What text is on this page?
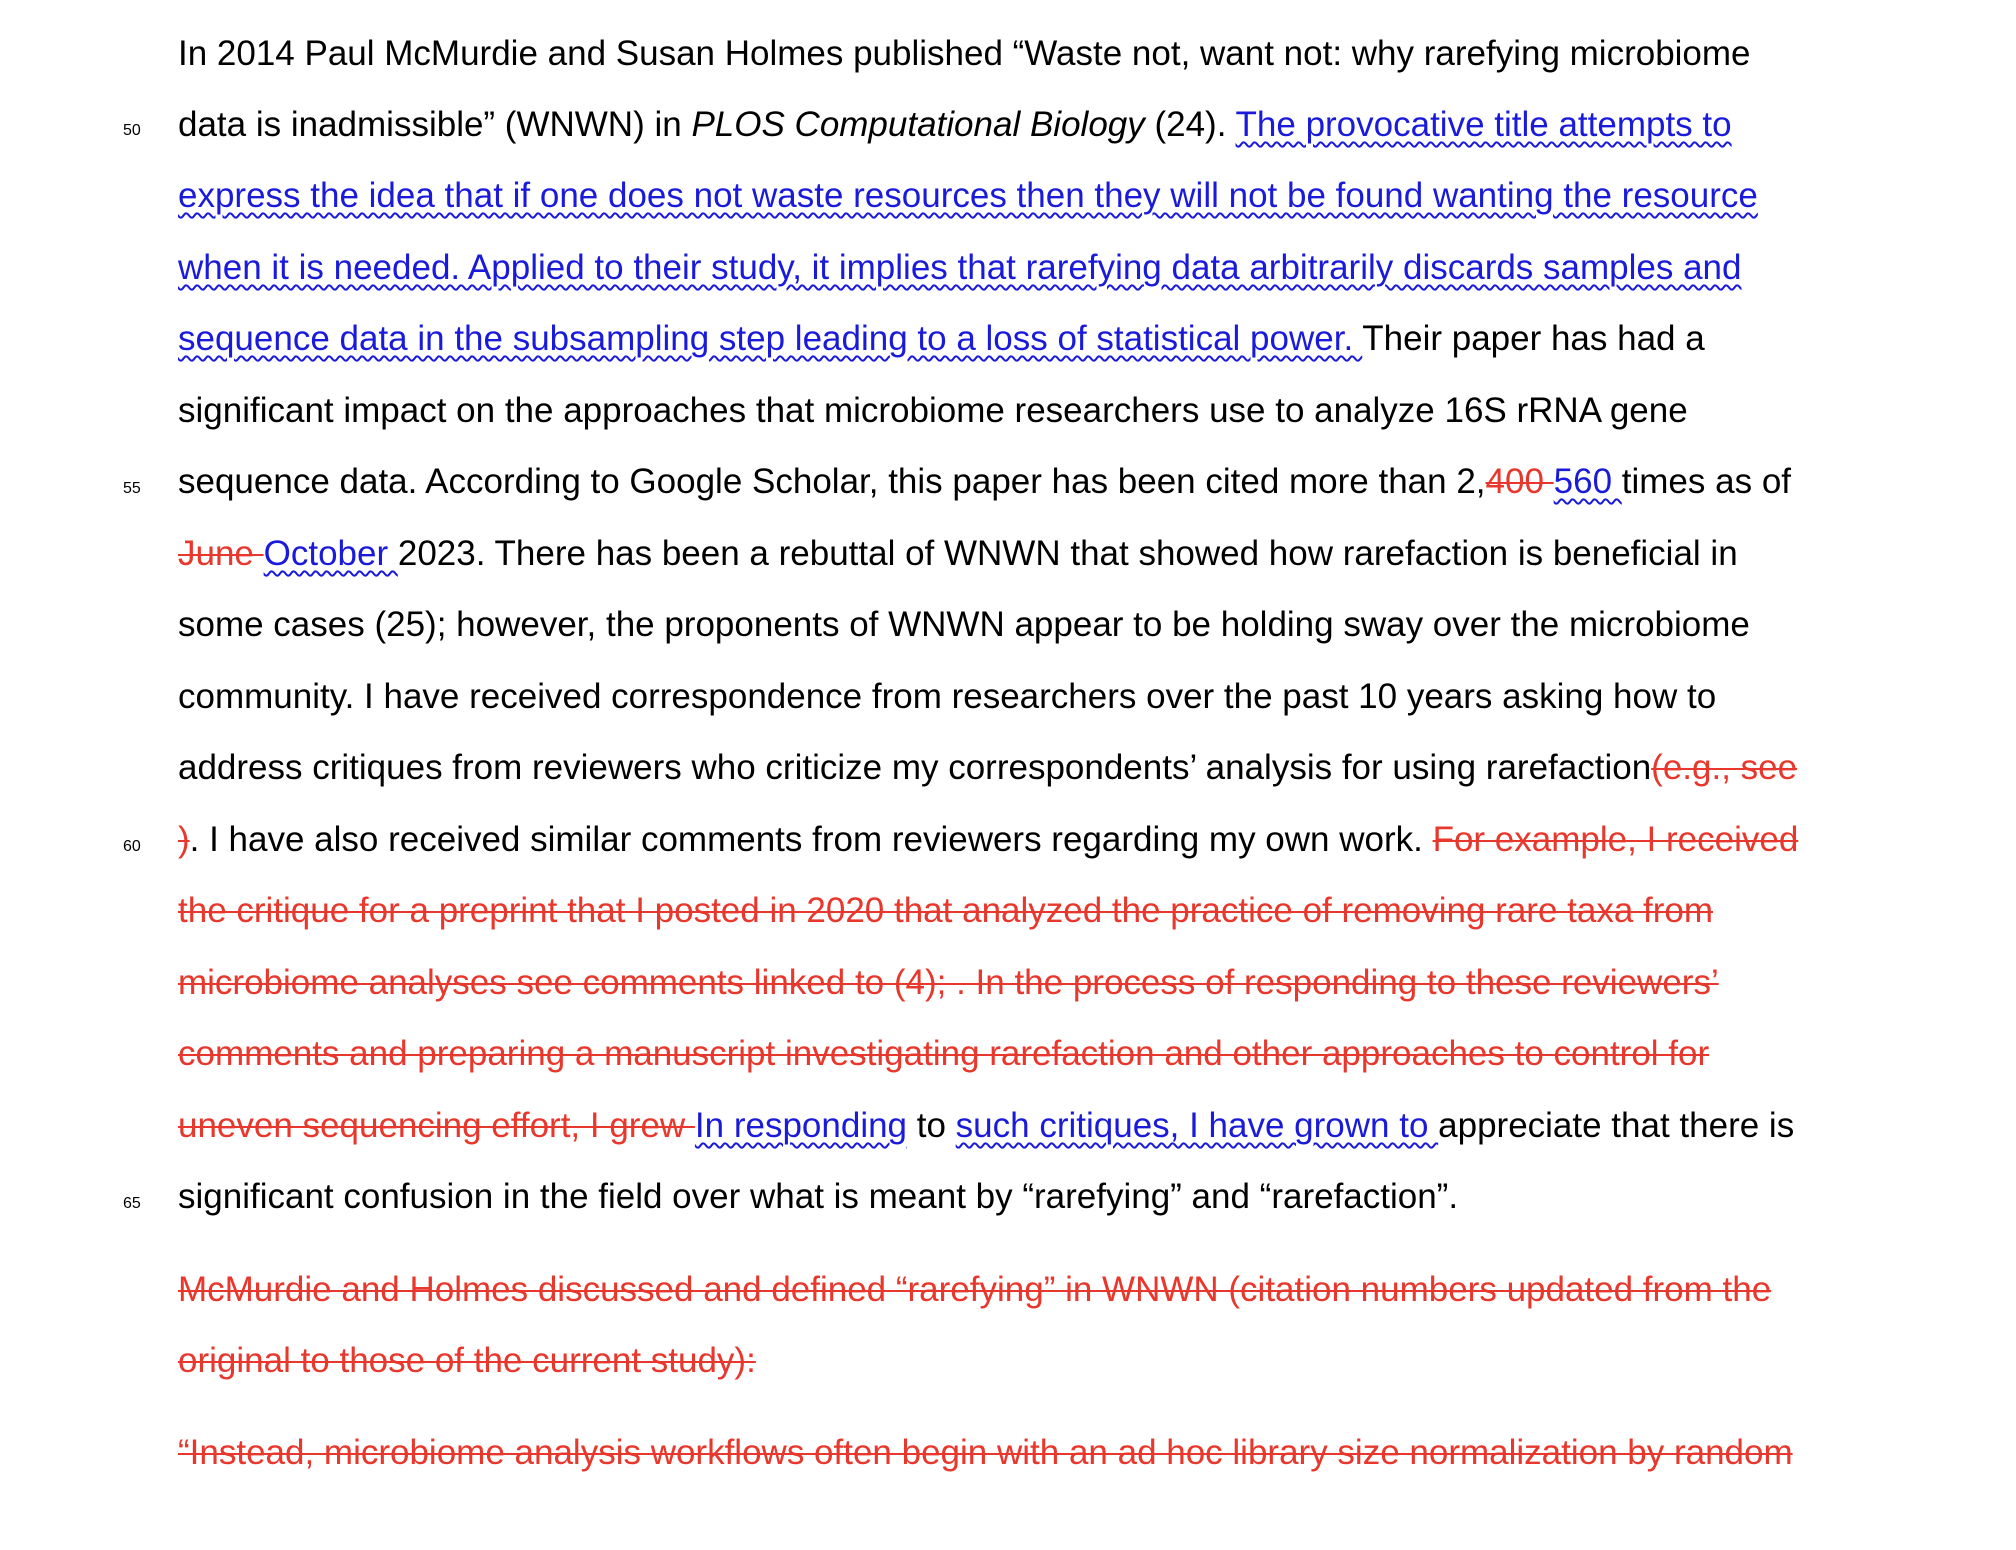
50
55
60
65
In 2014 Paul McMurdie and Susan Holmes published “Waste not, want not: why rarefying microbiome
data is inadmissible” (WNWN) in PLOS Computational Biology (24). The provocative title attempts to
express the idea that if one does not waste resources then they will not be found wanting the resource
when it is needed. Applied to their study, it implies that rarefying data arbitrarily discards samples and
sequence data in the subsampling step leading to a loss of statistical power. Their paper has had a
significant impact on the approaches that microbiome researchers use to analyze 16S rRNA gene
sequence data. According to Google Scholar, this paper has been cited more than 2,400 560 times as of
June October 2023. There has been a rebuttal of WNWN that showed how rarefaction is beneficial in
some cases (25); however, the proponents of WNWN appear to be holding sway over the microbiome
community. I have received correspondence from researchers over the past 10 years asking how to
address critiques from reviewers who criticize my correspondents’ analysis for using rarefaction(e.g., see
). I have also received similar comments from reviewers regarding my own work. For example, I received
the critique for a preprint that I posted in 2020 that analyzed the practice of removing rare taxa from
microbiome analyses see comments linked to (4); . In the process of responding to these reviewers’
comments and preparing a manuscript investigating rarefaction and other approaches to control for
uneven sequencing effort, I grew In responding to such critiques, I have grown to appreciate that there is
significant confusion in the field over what is meant by “rarefying” and “rarefaction”.
McMurdie and Holmes discussed and defined “rarefying” in WNWN (citation numbers updated from the
original to those of the current study):
“Instead, microbiome analysis workflows often begin with an ad hoc library size normalization by random
